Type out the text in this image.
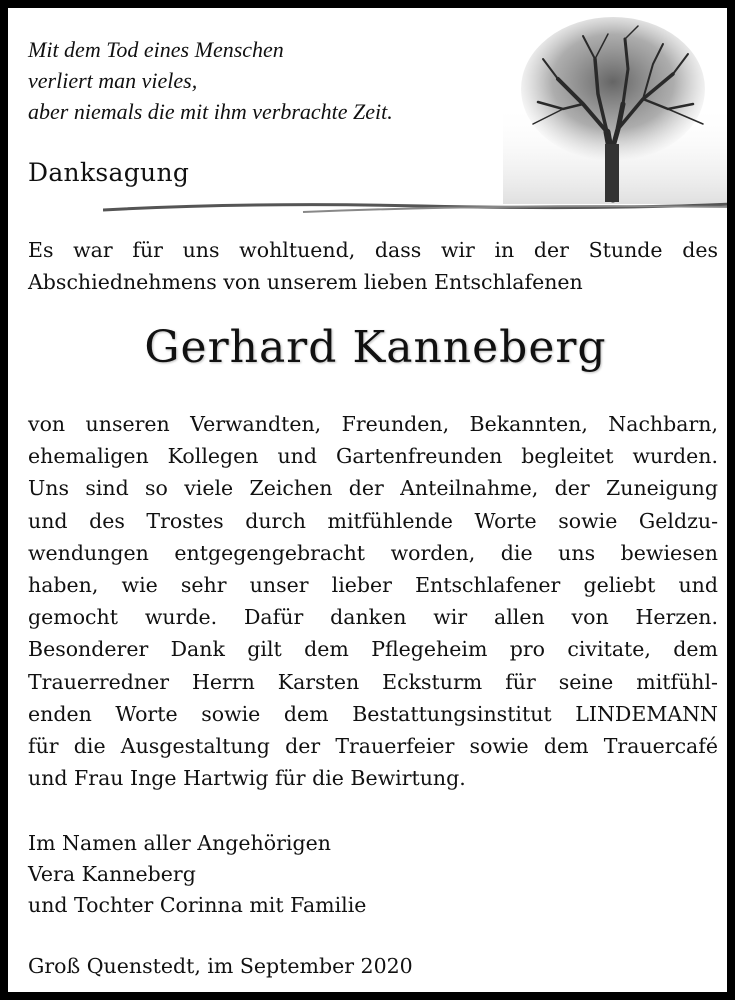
Mit dem Tod eines Menschen
verliert man vieles,
aber niemals die mit ihm verbrachte Zeit.
Danksagung
Es war für uns wohltuend, dass wir in der Stunde des
Abschiednehmens von unserem lieben Entschlafenen
Gerhard Kanneberg
von unseren Verwandten, Freunden, Bekannten, Nachbarn,
ehemaligen Kollegen und Gartenfreunden begleitet wurden.
Uns sind so viele Zeichen der Anteilnahme, der Zuneigung
und des Trostes durch mitfühlende Worte sowie Geldzu-
wendungen entgegengebracht worden, die uns bewiesen
haben, wie sehr unser lieber Entschlafener geliebt und
gemocht wurde. Dafür danken wir allen von Herzen.
Besonderer Dank gilt dem Pflegeheim pro civitate, dem
Trauerredner Herrn Karsten Ecksturm für seine mitfühl-
enden Worte sowie dem Bestattungsinstitut LINDEMANN
für die Ausgestaltung der Trauerfeier sowie dem Trauercafé
und Frau Inge Hartwig für die Bewirtung.
Im Namen aller Angehörigen
Vera Kanneberg
und Tochter Corinna mit Familie
Groß Quenstedt, im September 2020
